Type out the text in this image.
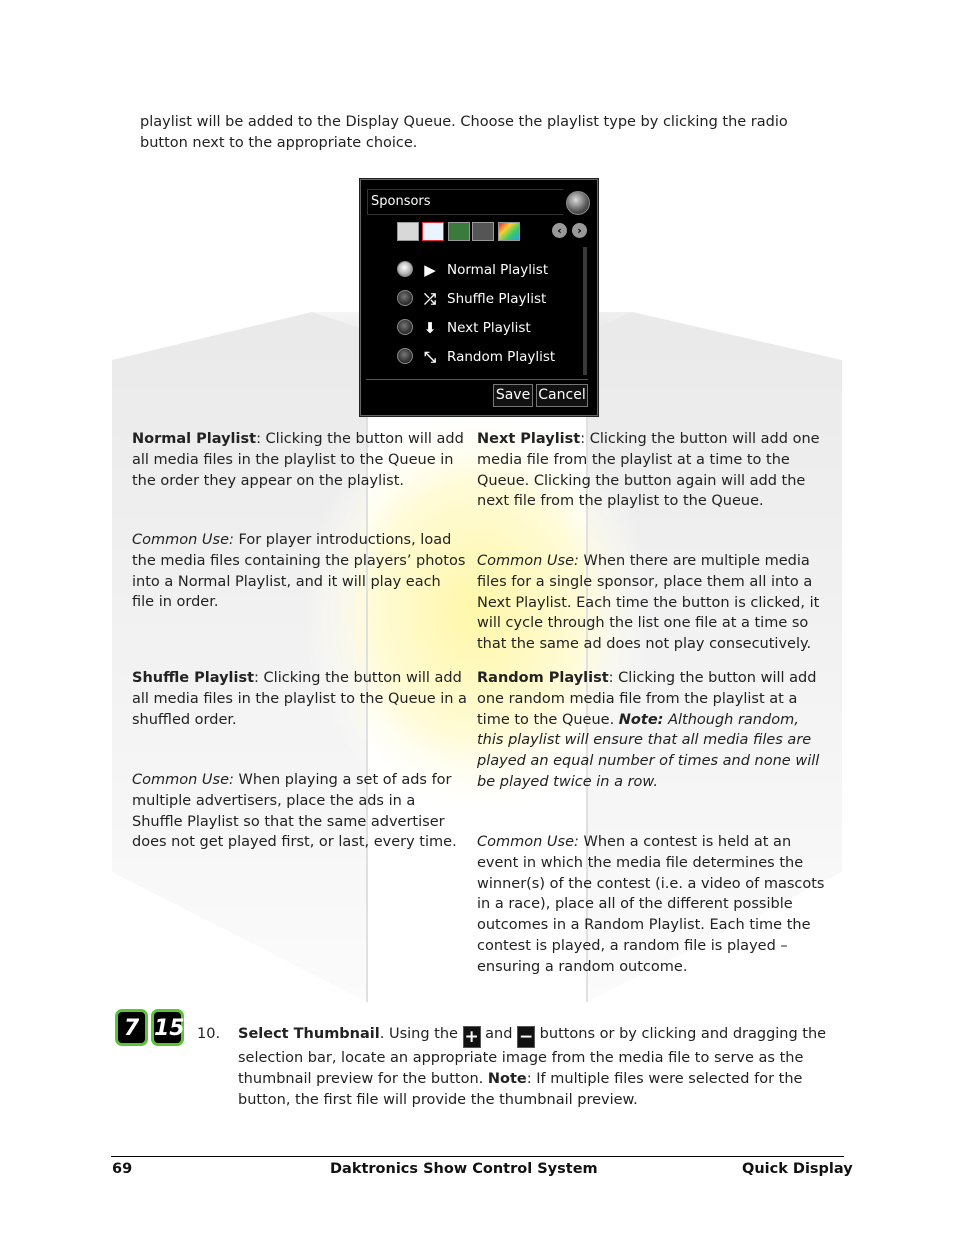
playlist will be added to the Display Queue. Choose the playlist type by clicking the radio button next to the appropriate choice.

Sponsors
‹	›
▶ Normal Playlist
⤮ Shuffle Playlist
⬇ Next Playlist
⤡ Random Playlist
Save Cancel

Normal Playlist: Clicking the button will add all media files in the playlist to the Queue in the order they appear on the playlist.

Common Use: For player introductions, load the media files containing the players’ photos into a Normal Playlist, and it will play each file in order.

Shuffle Playlist: Clicking the button will add all media files in the playlist to the Queue in a shuffled order.

Common Use: When playing a set of ads for multiple advertisers, place the ads in a Shuffle Playlist so that the same advertiser does not get played first, or last, every time.

Next Playlist: Clicking the button will add one media file from the playlist at a time to the Queue. Clicking the button again will add the next file from the playlist to the Queue.

Common Use: When there are multiple media files for a single sponsor, place them all into a Next Playlist. Each time the button is clicked, it will cycle through the list one file at a time so that the same ad does not play consecutively.

Random Playlist: Clicking the button will add one random media file from the playlist at a time to the Queue. Note: Although random, this playlist will ensure that all media files are played an equal number of times and none will be played twice in a row.

Common Use: When a contest is held at an event in which the media file determines the winner(s) of the contest (i.e. a video of mascots in a race), place all of the different possible outcomes in a Random Playlist. Each time the contest is played, a random file is played – ensuring a random outcome.

7 15 10. Select Thumbnail. Using the + and − buttons or by clicking and dragging the selection bar, locate an appropriate image from the media file to serve as the thumbnail preview for the button. Note: If multiple files were selected for the button, the first file will provide the thumbnail preview.
69	Daktronics Show Control System	Quick Display
